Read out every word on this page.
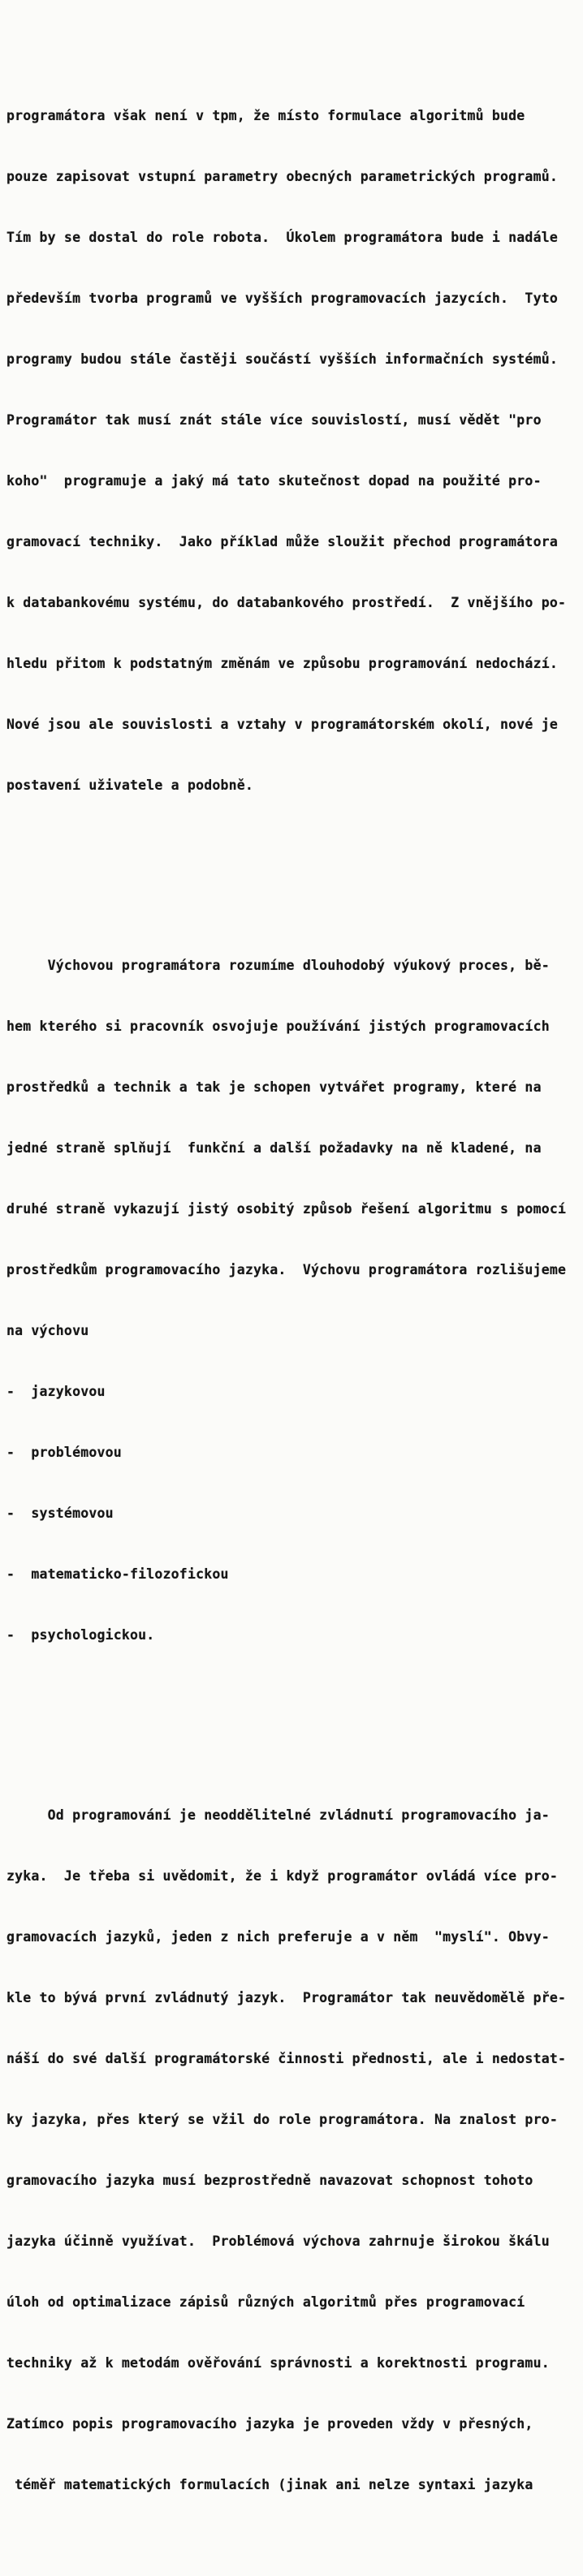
programátora však není v tpm, že místo formulace algoritmů bude

pouze zapisovat vstupní parametry obecných parametrických programů.

Tím by se dostal do role robota.  Úkolem programátora bude i nadále

především tvorba programů ve vyšších programovacích jazycích.  Tyto

programy budou stále častěji součástí vyšších informačních systémů.

Programátor tak musí znát stále více souvislostí, musí vědět "pro

koho"  programuje a jaký má tato skutečnost dopad na použité pro-

gramovací techniky.  Jako příklad může sloužit přechod programátora

k databankovému systému, do databankového prostředí.  Z vnějšího po-

hledu přitom k podstatným změnám ve způsobu programování nedochází.

Nové jsou ale souvislosti a vztahy v programátorském okolí, nové je

postavení uživatele a podobně.

Výchovou programátora rozumíme dlouhodobý výukový proces, bě-

hem kterého si pracovník osvojuje používání jistých programovacích

prostředků a technik a tak je schopen vytvářet programy, které na

jedné straně splňují  funkční a další požadavky na ně kladené, na

druhé straně vykazují jistý osobitý způsob řešení algoritmu s pomocí

prostředkům programovacího jazyka.  Výchovu programátora rozlišujeme

na výchovu

-  jazykovou

-  problémovou

-  systémovou

-  matematicko-filozofickou

-  psychologickou.

Od programování je neoddělitelné zvládnutí programovacího ja-

zyka.  Je třeba si uvědomit, že i když programátor ovládá více pro-

gramovacích jazyků, jeden z nich preferuje a v něm  "myslí". Obvy-

kle to bývá první zvládnutý jazyk.  Programátor tak neuvědomělě pře-

náší do své další programátorské činnosti přednosti, ale i nedostat-

ky jazyka, přes který se vžil do role programátora. Na znalost pro-

gramovacího jazyka musí bezprostředně navazovat schopnost tohoto

jazyka účinně využívat.  Problémová výchova zahrnuje širokou škálu

úloh od optimalizace zápisů různých algoritmů přes programovací

techniky až k metodám ověřování správnosti a korektnosti programu.

Zatímco popis programovacího jazyka je proveden vždy v přesných,

téměř matematických formulacích (jinak ani nelze syntaxi jazyka
